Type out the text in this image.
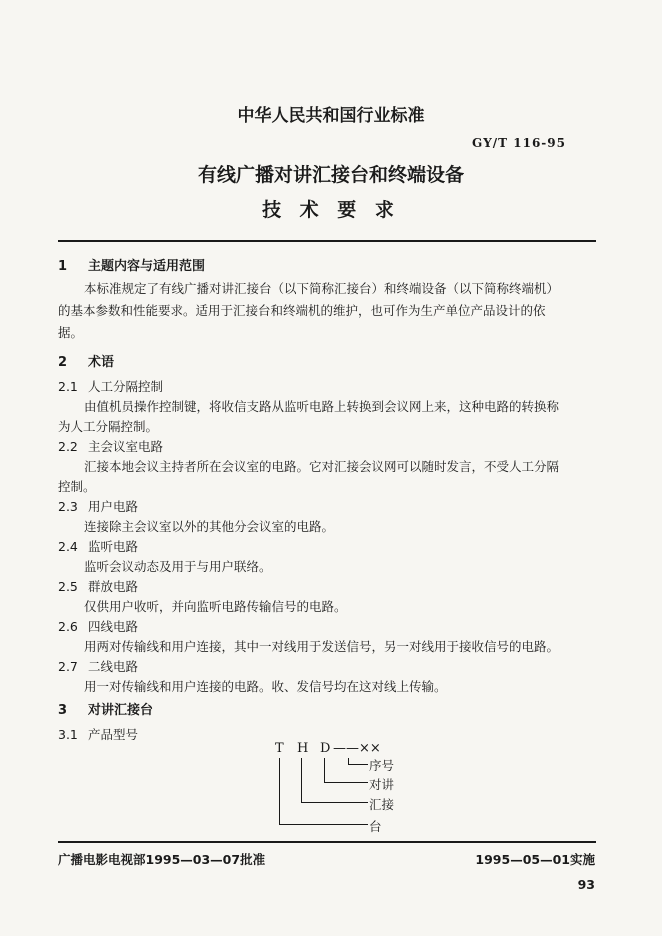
中华人民共和国行业标准
GY/T 116-95
有线广播对讲汇接台和终端设备
技 术 要 求
1 主题内容与适用范围
本标准规定了有线广播对讲汇接台（以下简称汇接台）和终端设备（以下简称终端机）
的基本参数和性能要求。适用于汇接台和终端机的维护，也可作为生产单位产品设计的依
据。
2 术语
2.1 人工分隔控制
由值机员操作控制键，将收信支路从监听电路上转换到会议网上来，这种电路的转换称
为人工分隔控制。
2.2 主会议室电路
汇接本地会议主持者所在会议室的电路。它对汇接会议网可以随时发言，不受人工分隔
控制。
2.3 用户电路
连接除主会议室以外的其他分会议室的电路。
2.4 监听电路
监听会议动态及用于与用户联络。
2.5 群放电路
仅供用户收听，并向监听电路传输信号的电路。
2.6 四线电路
用两对传输线和用户连接，其中一对线用于发送信号，另一对线用于接收信号的电路。
2.7 二线电路
用一对传输线和用户连接的电路。收、发信号均在这对线上传输。
3 对讲汇接台
3.1 产品型号
T H D ——××
序号
对讲
汇接
台
广播电影电视部1995—03—07批准	1995—05—01实施
93
